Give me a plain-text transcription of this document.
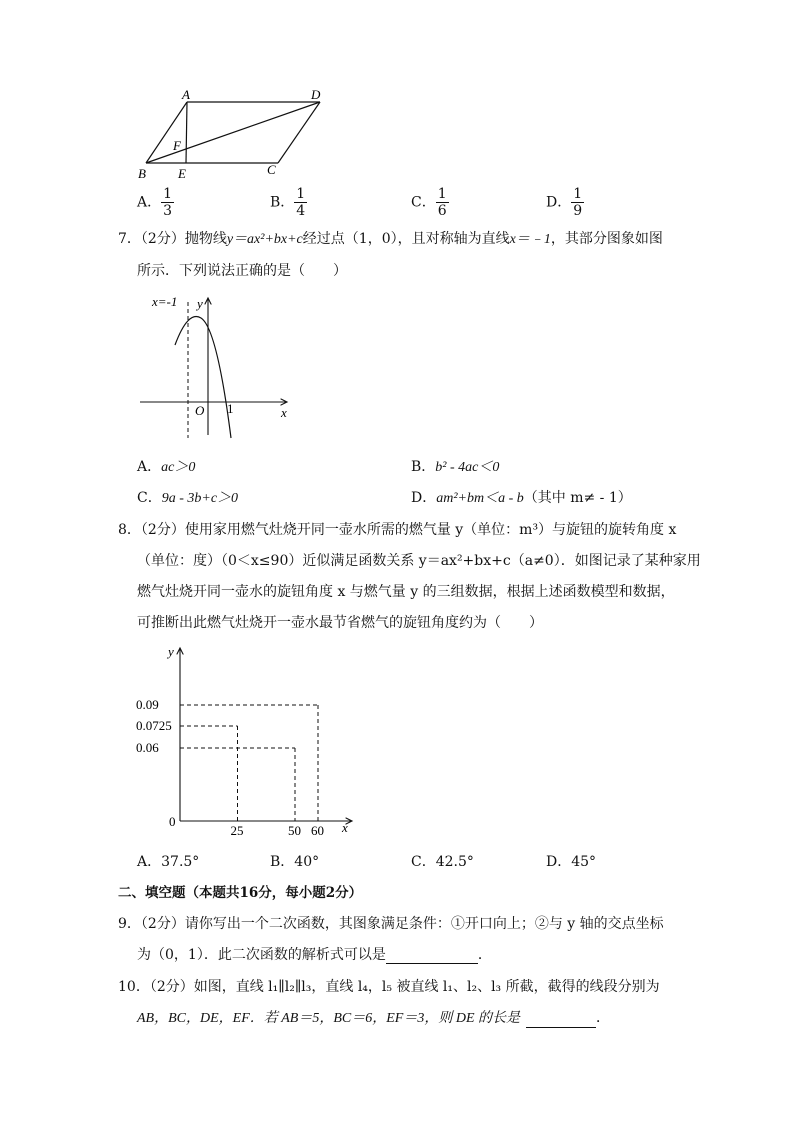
A	D
F
B E	C
A． $\frac{1}{3}$	B． $\frac{1}{4}$	C． $\frac{1}{6}$	D． $\frac{1}{9}$
7．（2分）抛物线y＝ax²+bx+c经过点（1，0），且对称轴为直线x＝﹣1，其部分图象如图
所示．下列说法正确的是（　　）
x=-1 y
O 1	x
A．ac＞0	B．b² - 4ac＜0
C．9a - 3b+c＞0	D．am²+bm＜a - b（其中 m≠ - 1）
8．（2分）使用家用燃气灶烧开同一壶水所需的燃气量 y（单位：m³）与旋钮的旋转角度 x
（单位：度）（0＜x≤90）近似满足函数关系 y＝ax²+bx+c（a≠0）．如图记录了某种家用
燃气灶烧开同一壶水的旋钮角度 x 与燃气量 y 的三组数据，根据上述函数模型和数据，
可推断出此燃气灶烧开一壶水最节省燃气的旋钮角度约为（　　）
y
x
0
25	50 60
0.09
0.0725
0.06
A．37.5°	B．40°	C．42.5°	D．45°
二、填空题（本题共16分，每小题2分）
9．（2分）请你写出一个二次函数，其图象满足条件：①开口向上；②与 y 轴的交点坐标
为（0，1）．此二次函数的解析式可以是	．
10．（2分）如图，直线 l₁∥l₂∥l₃，直线 l₄，l₅ 被直线 l₁、l₂、l₃ 所截，截得的线段分别为
AB，BC，DE，EF．若 AB＝5，BC＝6，EF＝3，则 DE 的长是	．
